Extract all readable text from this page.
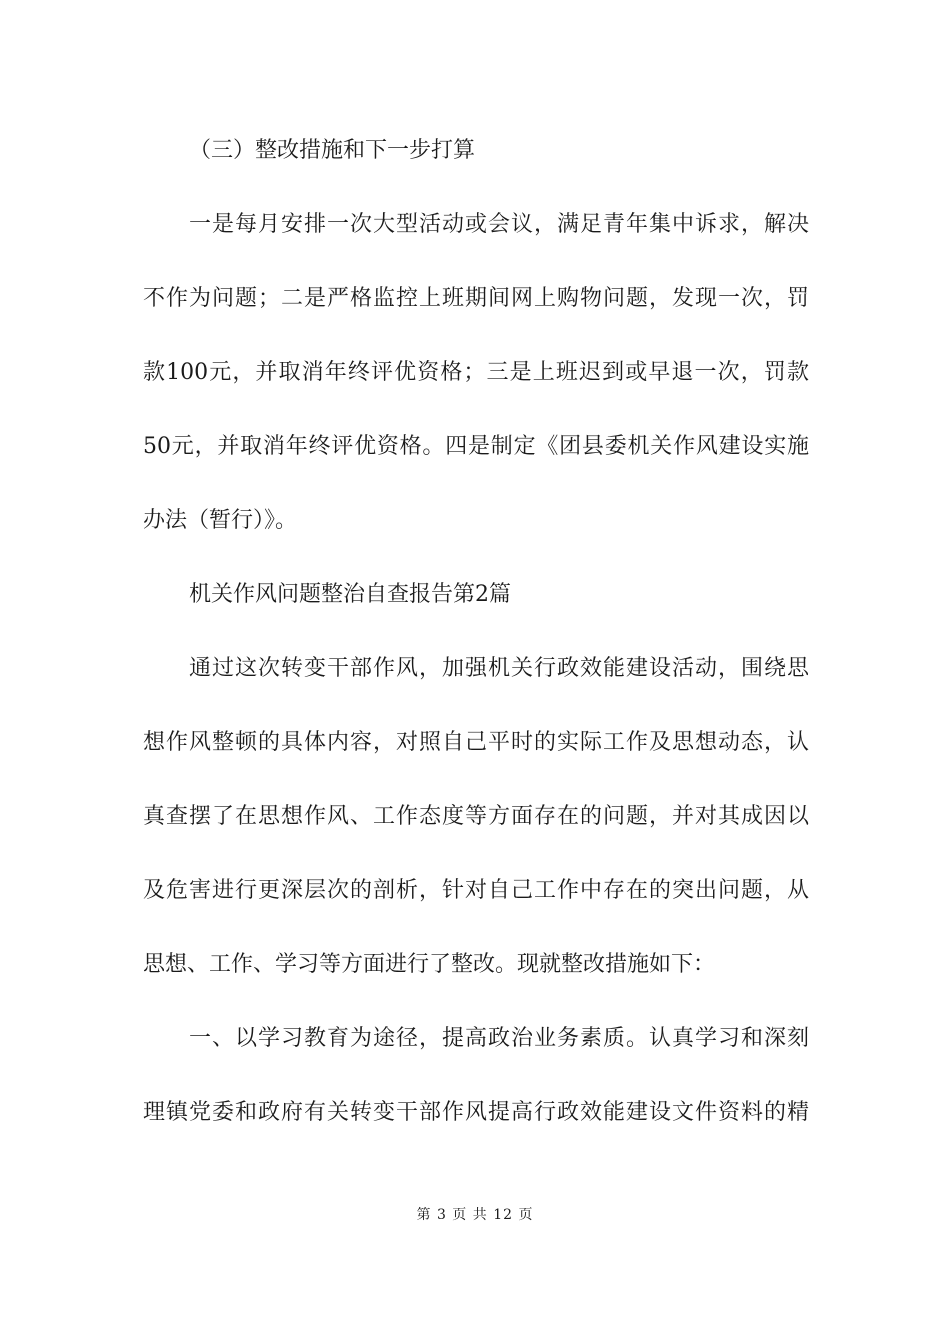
（三）整改措施和下一步打算
一是每月安排一次大型活动或会议，满足青年集中诉求，解决
不作为问题；二是严格监控上班期间网上购物问题，发现一次，罚
款100元，并取消年终评优资格；三是上班迟到或早退一次，罚款
50元，并取消年终评优资格。四是制定《团县委机关作风建设实施
办法（暂行）》。
机关作风问题整治自查报告第2篇
通过这次转变干部作风，加强机关行政效能建设活动，围绕思
想作风整顿的具体内容，对照自己平时的实际工作及思想动态，认
真查摆了在思想作风、工作态度等方面存在的问题，并对其成因以
及危害进行更深层次的剖析，针对自己工作中存在的突出问题，从
思想、工作、学习等方面进行了整改。现就整改措施如下：
一、以学习教育为途径，提高政治业务素质。认真学习和深刻
理镇党委和政府有关转变干部作风提高行政效能建设文件资料的精
第 3 页 共 12 页
